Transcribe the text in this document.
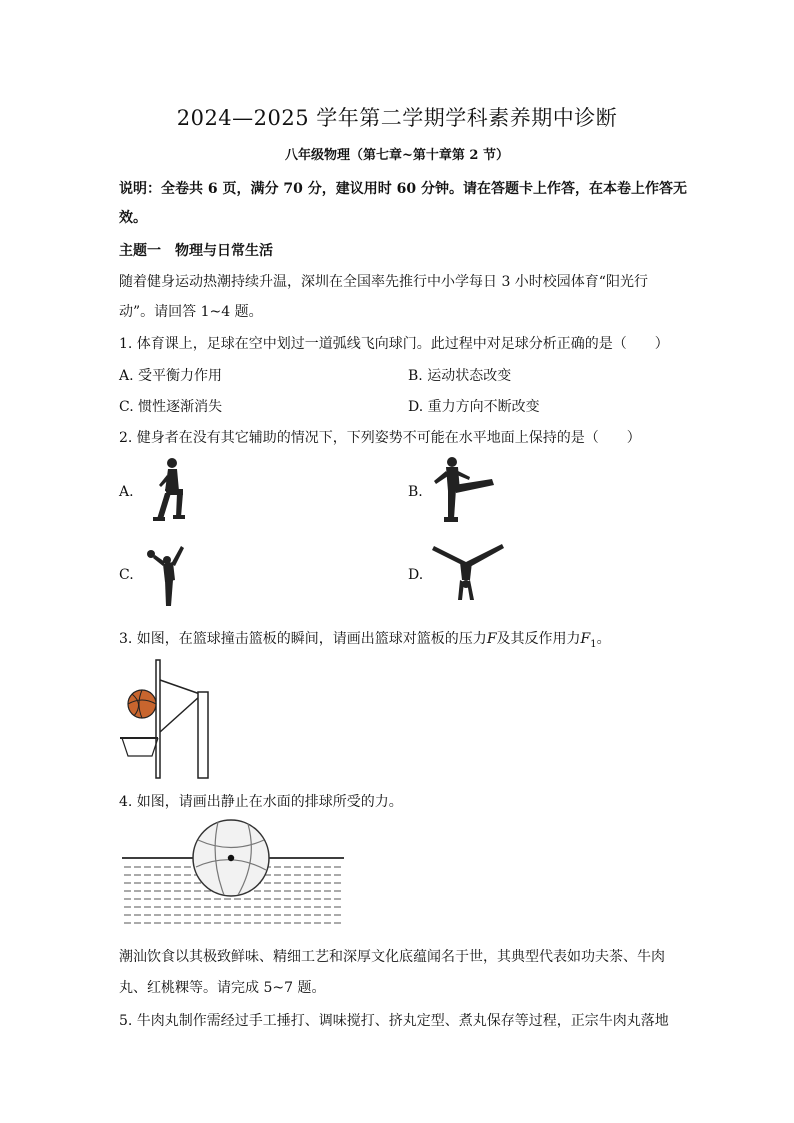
2024—2025 学年第二学期学科素养期中诊断
八年级物理（第七章~第十章第 2 节）
说明：全卷共 6 页，满分 70 分，建议用时 60 分钟。请在答题卡上作答，在本卷上作答无
效。
主题一　物理与日常生活
随着健身运动热潮持续升温，深圳在全国率先推行中小学每日 3 小时校园体育“阳光行
动”。请回答 1~4 题。
1. 体育课上，足球在空中划过一道弧线飞向球门。此过程中对足球分析正确的是（　　）
A. 受平衡力作用	B. 运动状态改变
C. 惯性逐渐消失	D. 重力方向不断改变
2. 健身者在没有其它辅助的情况下，下列姿势不可能在水平地面上保持的是（　　）
A.	B.
C.	D.
3. 如图，在篮球撞击篮板的瞬间，请画出篮球对篮板的压力F及其反作用力$F_1$。
4. 如图，请画出静止在水面的排球所受的力。
潮汕饮食以其极致鲜味、精细工艺和深厚文化底蕴闻名于世，其典型代表如功夫茶、牛肉
丸、红桃粿等。请完成 5~7 题。
5. 牛肉丸制作需经过手工捶打、调味搅打、挤丸定型、煮丸保存等过程，正宗牛肉丸落地
